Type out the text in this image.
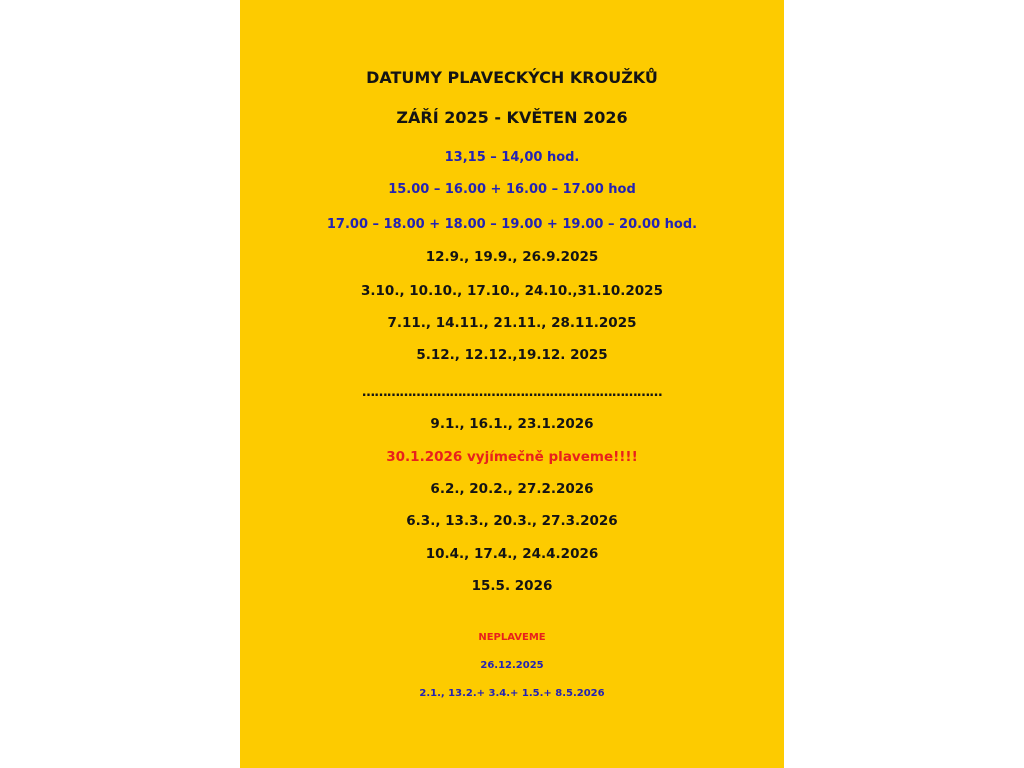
DATUMY PLAVECKÝCH KROUŽKŮ
ZÁŘÍ 2025 - KVĚTEN 2026
13,15 – 14,00 hod.
15.00 – 16.00 + 16.00 – 17.00 hod
17.00 – 18.00 + 18.00 – 19.00 + 19.00 – 20.00 hod.
12.9., 19.9., 26.9.2025
3.10., 10.10., 17.10., 24.10.,31.10.2025
7.11., 14.11., 21.11., 28.11.2025
5.12., 12.12.,19.12. 2025
………………………………………………………………
9.1., 16.1., 23.1.2026
30.1.2026 vyjímečně plaveme!!!!
6.2., 20.2., 27.2.2026
6.3., 13.3., 20.3., 27.3.2026
10.4., 17.4., 24.4.2026
15.5. 2026
NEPLAVEME
26.12.2025
2.1., 13.2.+ 3.4.+ 1.5.+ 8.5.2026
